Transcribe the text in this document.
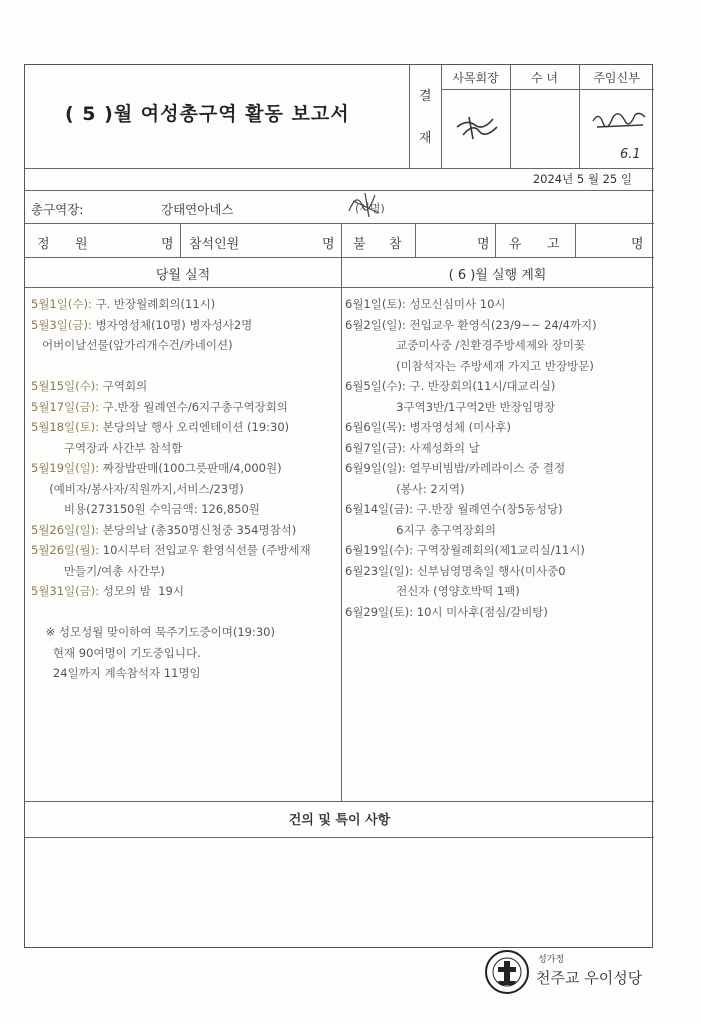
( 5 )월 여성총구역 활동 보고서
결
재
사목회장	수 녀	주임신부
6.1
2024년 5 월 25 일
총구역장:	강태연아네스	(서명)
정 원	명 참석인원	명 불 참	명 유 고	명
당월 실적	( 6 )월 실행 계획
5월1일(수): 구. 반장월례회의(11시)
5월3일(금): 병자영성체(10명) 병자성사2명
어버이날선물(앞가리개수건/카네이션)
5월15일(수): 구역회의
5월17일(금): 구.반장 월례연수/6지구총구역장회의
5월18일(토): 본당의날 행사 오리엔테이션 (19:30)
구역장과 사간부 참석함
5월19일(일): 짜장밥판매(100그릇판매/4,000원)
(예비자/봉사자/직원까지,서비스/23명)
비용(273150원 수익금액: 126,850원
5월26일(일): 본당의날 (총350명신청중 354명참석)
5월26일(월): 10시부터 전입교우 환영식선물 (주방세재
만들기/여총 사간부)
5월31일(금): 성모의 밤  19시
※ 성모성월 맞이하여 묵주기도중이며(19:30)
현재 90여명이 기도중입니다.
24일까지 계속참석자 11명임
6월1일(토): 성모신심미사 10시
6월2일(일): 전입교우 환영식(23/9~~ 24/4까지)
교중미사중 /친환경주방세제와 장미꽃
(미참석자는 주방세재 가지고 반장방문)
6월5일(수): 구. 반장회의(11시/대교리실)
3구역3반/1구역2반 반장임명장
6월6일(목): 병자영성체 (미사후)
6월7일(금): 사제성화의 날
6월9일(일): 열무비빔밥/카레라이스 중 결정
(봉사: 2지역)
6월14일(금): 구.반장 월례연수(창5동성당)
6지구 총구역장회의
6월19일(수): 구역장월례회의(제1교리실/11시)
6월23일(일): 신부님영명축일 행사(미사중0
전신자 (영양호박떡 1팩)
6월29일(토): 10시 미사후(점심/갈비탕)
건의 및 특이 사항
성가정
천주교 우이성당
